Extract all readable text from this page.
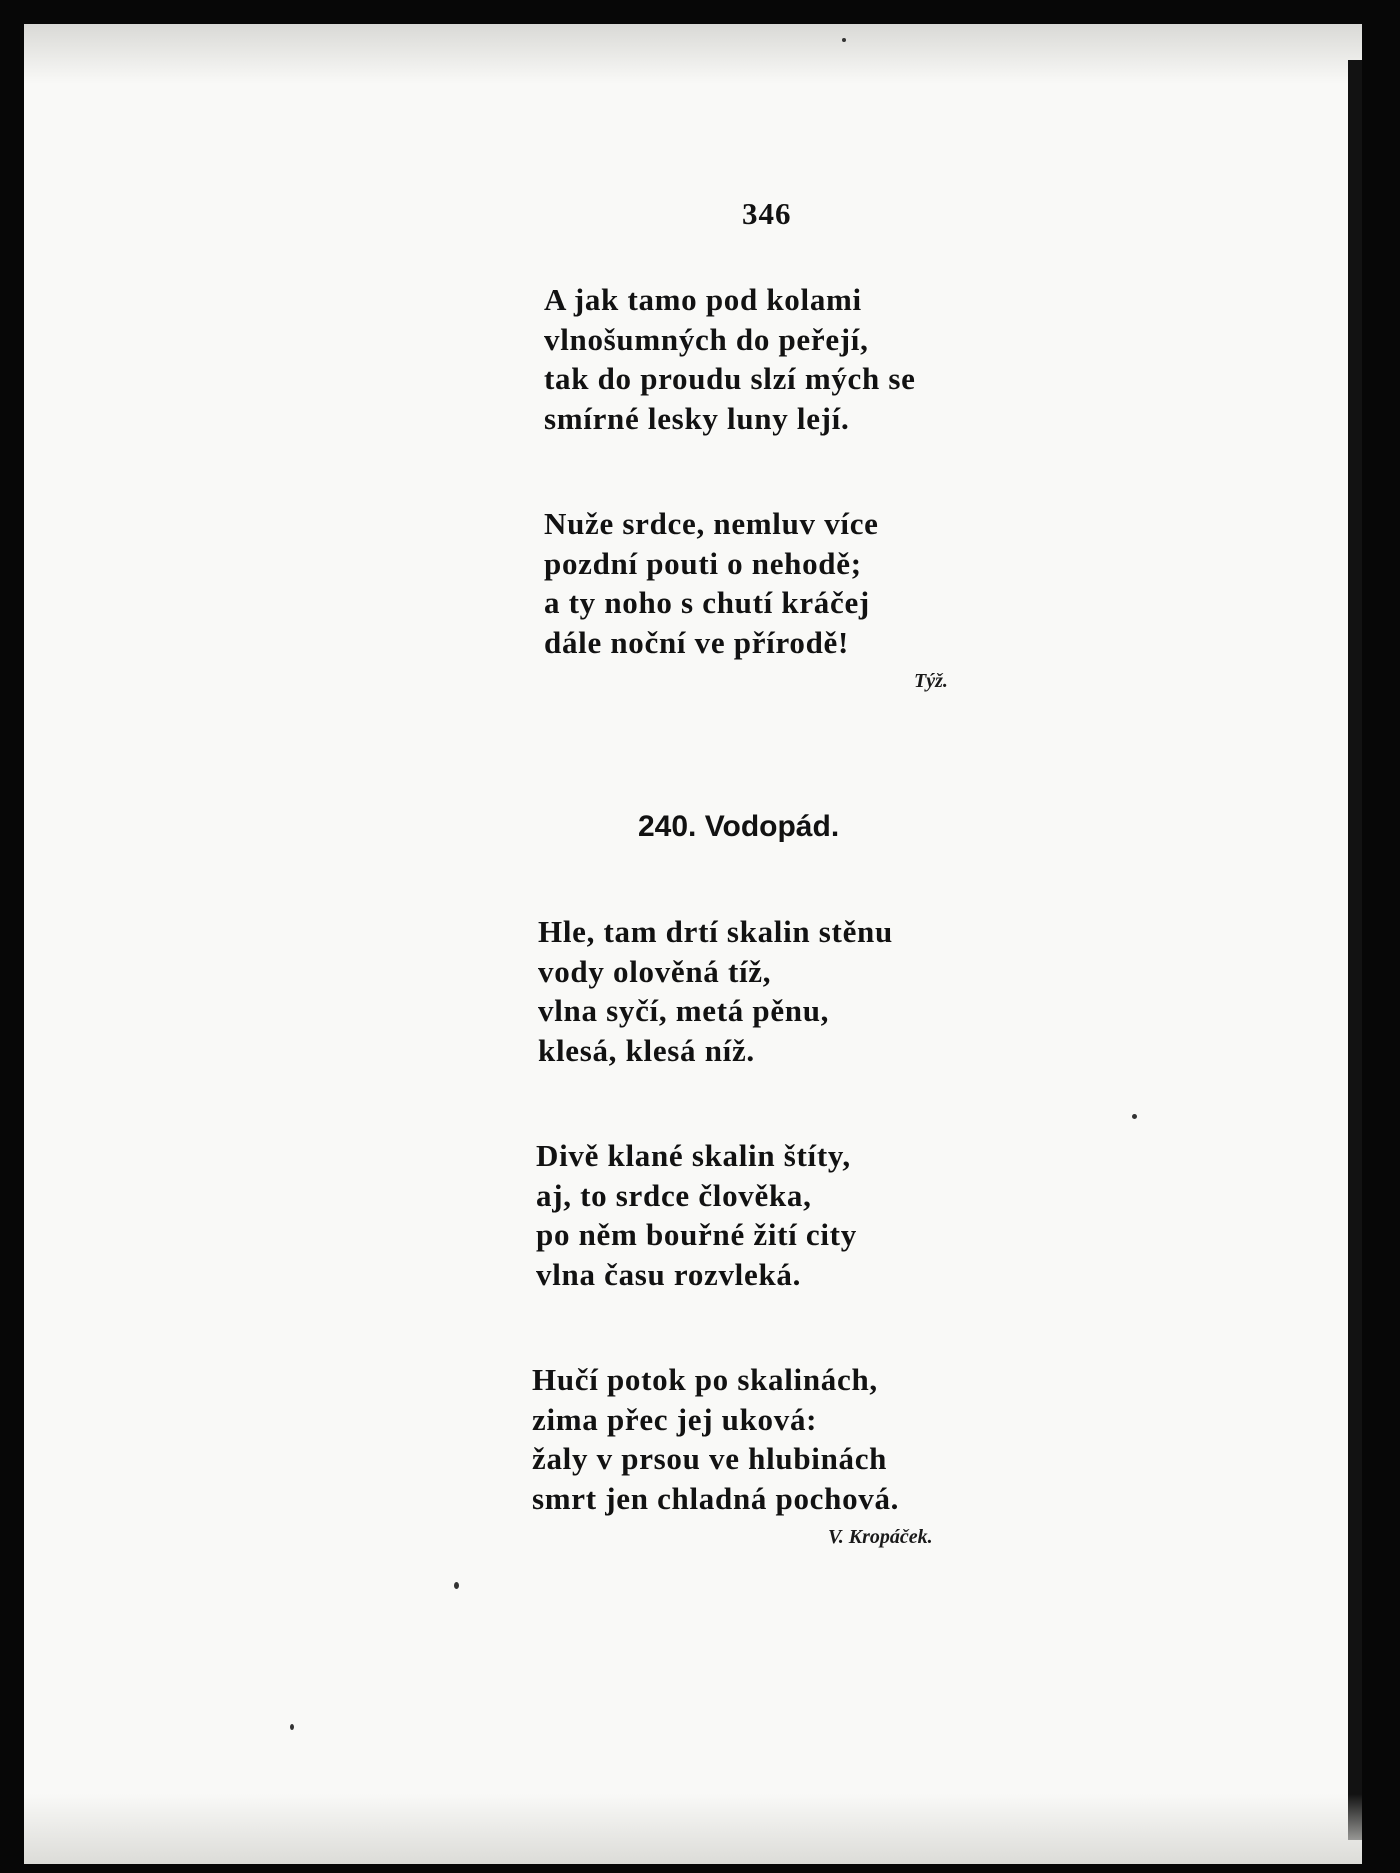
346
A jak tamo pod kolami
vlnošumných do peřejí,
tak do proudu slzí mých se
smírné lesky luny lejí.
Nuže srdce, nemluv více
pozdní pouti o nehodě;
a ty noho s chutí kráčej
dále noční ve přírodě!
Týž.
240. Vodopád.
Hle, tam drtí skalin stěnu
vody olověná tíž,
vlna syčí, metá pěnu,
klesá, klesá níž.
Divě klané skalin štíty,
aj, to srdce člověka,
po něm bouřné žití city
vlna času rozvleká.
Hučí potok po skalinách,
zima přec jej uková:
žaly v prsou ve hlubinách
smrt jen chladná pochová.
V. Kropáček.
